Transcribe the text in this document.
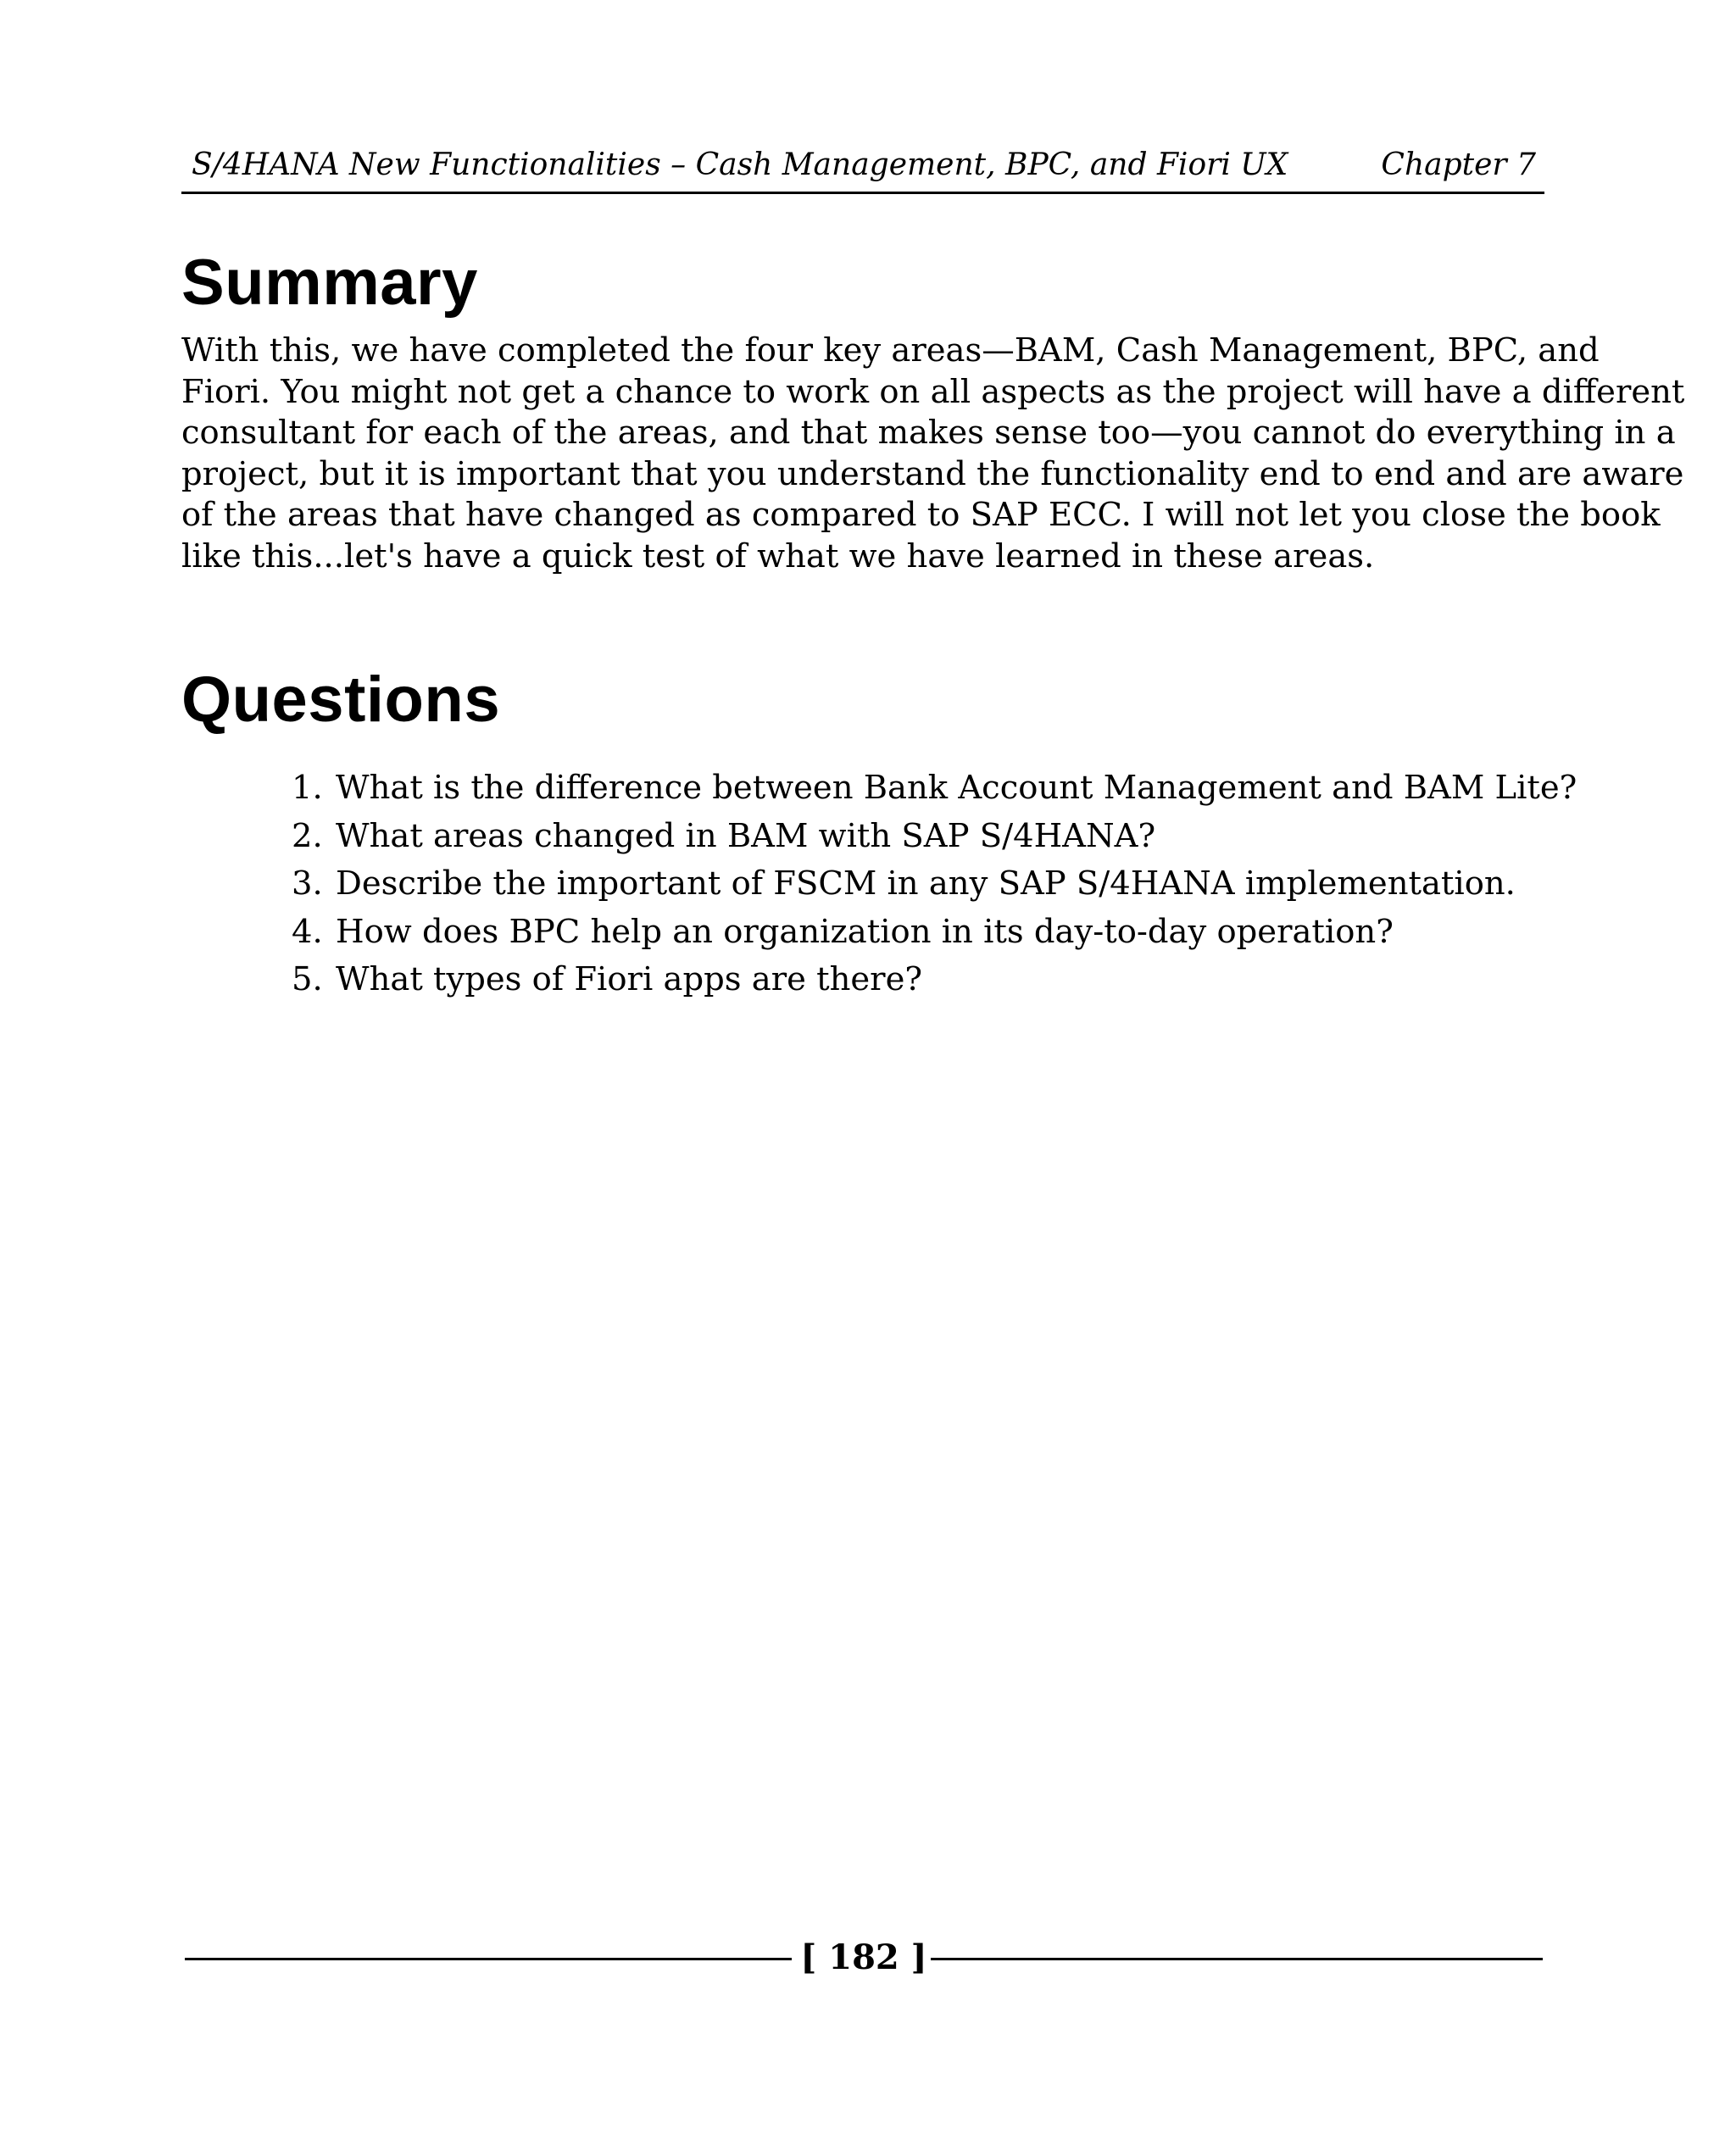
S/4HANA New Functionalities – Cash Management, BPC, and Fiori UX	Chapter 7
Summary

With this, we have completed the four key areas—BAM, Cash Management, BPC, and
Fiori. You might not get a chance to work on all aspects as the project will have a different
consultant for each of the areas, and that makes sense too—you cannot do everything in a
project, but it is important that you understand the functionality end to end and are aware
of the areas that have changed as compared to SAP ECC. I will not let you close the book
like this...let's have a quick test of what we have learned in these areas.

Questions
1. What is the difference between Bank Account Management and BAM Lite?
2. What areas changed in BAM with SAP S/4HANA?
3. Describe the important of FSCM in any SAP S/4HANA implementation.
4. How does BPC help an organization in its day-to-day operation?
5. What types of Fiori apps are there?
[ 182 ]
